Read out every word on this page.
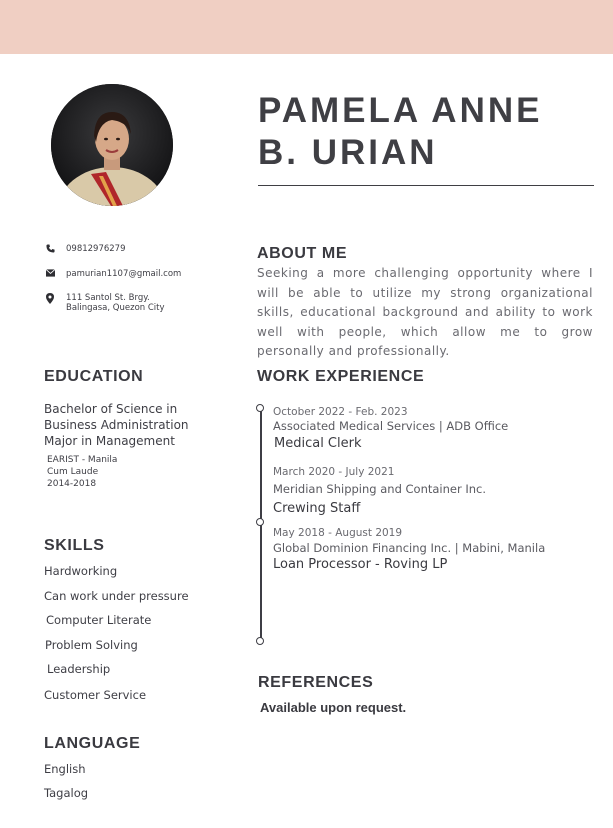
PAMELA ANNE
B. URIAN
09812976279
pamurian1107@gmail.com
111 Santol St. Brgy.
Balingasa, Quezon City
ABOUT ME

Seeking a more challenging opportunity where I will be able to utilize my strong organizational skills, educational background and ability to work well with people, which allow me to grow personally and professionally.

EDUCATION
Bachelor of Science in
Business Administration
Major in Management
EARIST - Manila
Cum Laude
2014-2018
WORK EXPERIENCE
October 2022 - Feb. 2023
Associated Medical Services | ADB Office
Medical Clerk
March 2020 - July 2021
Meridian Shipping and Container Inc.
Crewing Staff
May 2018 - August 2019
Global Dominion Financing Inc. | Mabini, Manila
Loan Processor - Roving LP
SKILLS
Hardworking
Can work under pressure
Computer Literate
Problem Solving
Leadership
Customer Service
REFERENCES
Available upon request.
LANGUAGE
English
Tagalog
